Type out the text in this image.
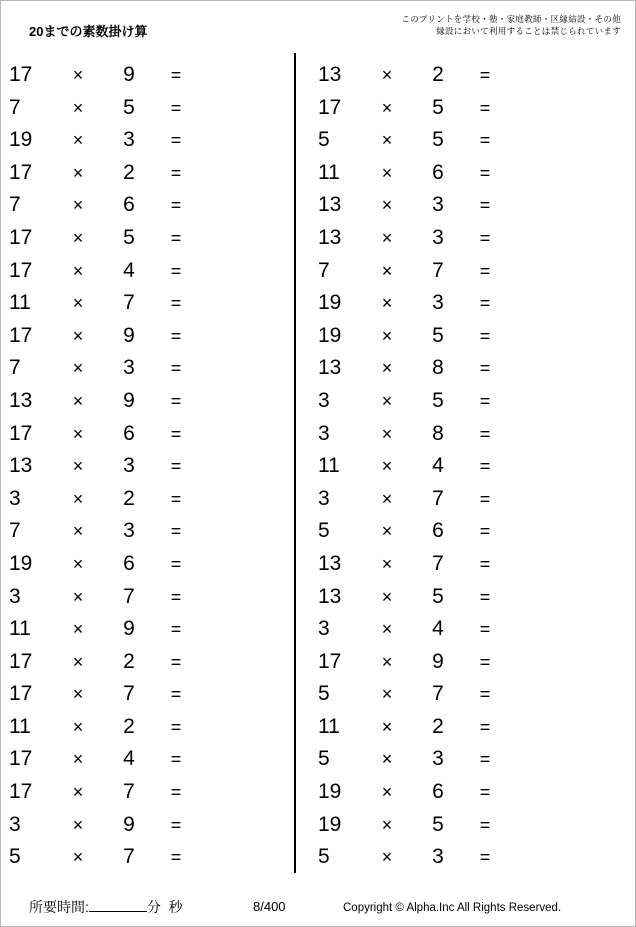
20までの素数掛け算
このプリントを学校・塾・家庭教師・区縁結設・その他
縁設において利用することは禁じられています
17	× 9	=
7	× 5	=
19	× 3	=
17	× 2	=
7	× 6	=
17	× 5	=
17	× 4	=
11	× 7	=
17	× 9	=
7	× 3	=
13	× 9	=
17	× 6	=
13	× 3	=
3	× 2	=
7	× 3	=
19	× 6	=
3	× 7	=
11	× 9	=
17	× 2	=
17	× 7	=
11	× 2	=
17	× 4	=
17	× 7	=
3	× 9	=
5	× 7	=
13	× 2	=
17	× 5	=
5	× 5	=
11	× 6	=
13	× 3	=
13	× 3	=
7	× 7	=
19	× 3	=
19	× 5	=
13	× 8	=
3	× 5	=
3	× 8	=
11	× 4	=
3	× 7	=
5	× 6	=
13	× 7	=
13	× 5	=
3	× 4	=
17	× 9	=
5	× 7	=
11	× 2	=
5	× 3	=
19	× 6	=
19	× 5	=
5	× 3	=
所要時間:	分 秒	8/400	Copyright © Alpha.Inc All Rights Reserved.
